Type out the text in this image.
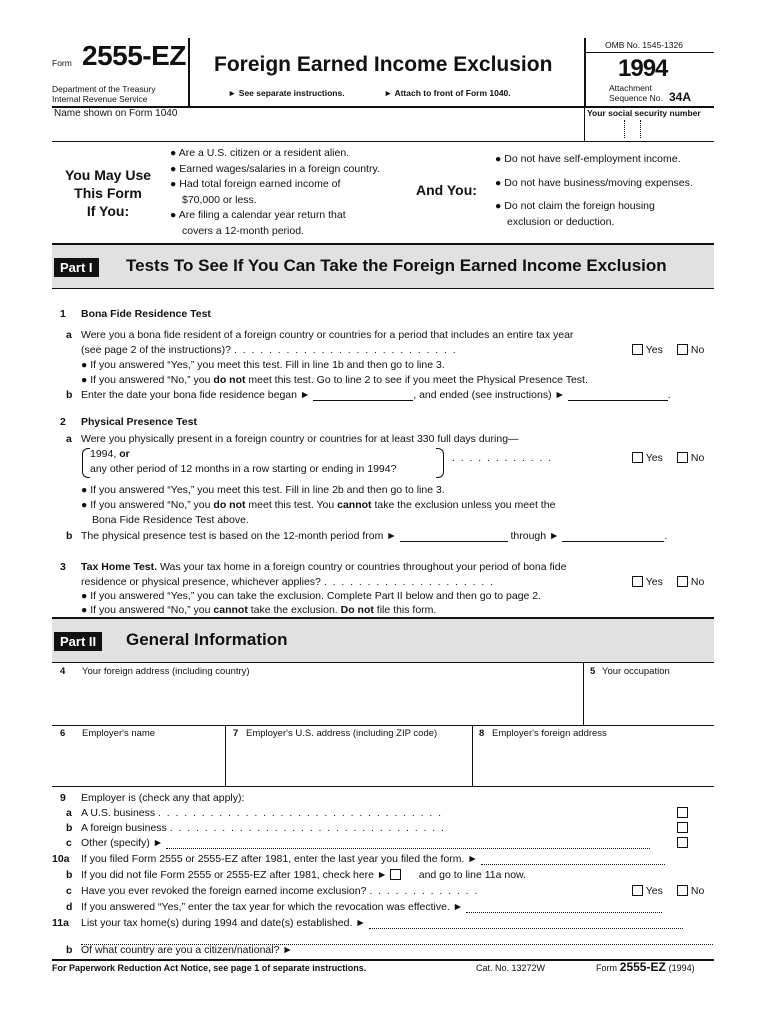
Form 2555-EZ
Department of the Treasury
Internal Revenue Service
Foreign Earned Income Exclusion
► See separate instructions.	► Attach to front of Form 1040.
OMB No. 1545-1326
1994
Attachment
Sequence No. 34A
Name shown on Form 1040	Your social security number
You May Use
This Form
If You:
● Are a U.S. citizen or a resident alien.
● Earned wages/salaries in a foreign country.
● Had total foreign earned income of
$70,000 or less.
● Are filing a calendar year return that
covers a 12-month period.
And You:
● Do not have self-employment income.
● Do not have business/moving expenses.
● Do not claim the foreign housing
exclusion or deduction.
Part I	Tests To See If You Can Take the Foreign Earned Income Exclusion
1 Bona Fide Residence Test
a Were you a bona fide resident of a foreign country or countries for a period that includes an entire tax year
(see page 2 of the instructions)? .  .  .  .  .  .  .  .  .  .  .  .  .  .  .  .  .  .  .  .  .  .  .  .  .  .	Yes	No
● If you answered “Yes,” you meet this test. Fill in line 1b and then go to line 3.
● If you answered “No,” you do not meet this test. Go to line 2 to see if you meet the Physical Presence Test.
b Enter the date your bona fide residence began ►	, and ended (see instructions) ►	.
2 Physical Presence Test
a Were you physically present in a foreign country or countries for at least 330 full days during—
1994, or
any other period of 12 months in a row starting or ending in 1994?
.  .  .  .  .  .  .  .  .  .  .  .	Yes	No
● If you answered “Yes,” you meet this test. Fill in line 2b and then go to line 3.
● If you answered “No,” you do not meet this test. You cannot take the exclusion unless you meet the
Bona Fide Residence Test above.
b The physical presence test is based on the 12-month period from ►	through ►	.
3 Tax Home Test. Was your tax home in a foreign country or countries throughout your period of bona fide
residence or physical presence, whichever applies? .  .  .  .  .  .  .  .  .  .  .  .  .  .  .  .  .  .  .  .	Yes	No
● If you answered “Yes,” you can take the exclusion. Complete Part II below and then go to page 2.
● If you answered “No,” you cannot take the exclusion. Do not file this form.
Part II	General Information
4 Your foreign address (including country)	5 Your occupation
6 Employer's name	7 Employer's U.S. address (including ZIP code)	8 Employer's foreign address
9 Employer is (check any that apply):
a A U.S. business .  .  .  .  .  .  .  .  .  .  .  .  .  .  .  .  .  .  .  .  .  .  .  .  .  .  .  .  .  .  .  .  .
b A foreign business .  .  .  .  .  .  .  .  .  .  .  .  .  .  .  .  .  .  .  .  .  .  .  .  .  .  .  .  .  .  .  .
c Other (specify) ►
10a If you filed Form 2555 or 2555-EZ after 1981, enter the last year you filed the form. ►
b If you did not file Form 2555 or 2555-EZ after 1981, check here ►	and go to line 11a now.
c Have you ever revoked the foreign earned income exclusion? .  .  .  .  .  .  .  .  .  .  .  .  .	Yes	No
d If you answered “Yes,” enter the tax year for which the revocation was effective. ►
11a List your tax home(s) during 1994 and date(s) established. ►
b Of what country are you a citizen/national? ►
For Paperwork Reduction Act Notice, see page 1 of separate instructions.	Cat. No. 13272W	Form 2555-EZ (1994)
